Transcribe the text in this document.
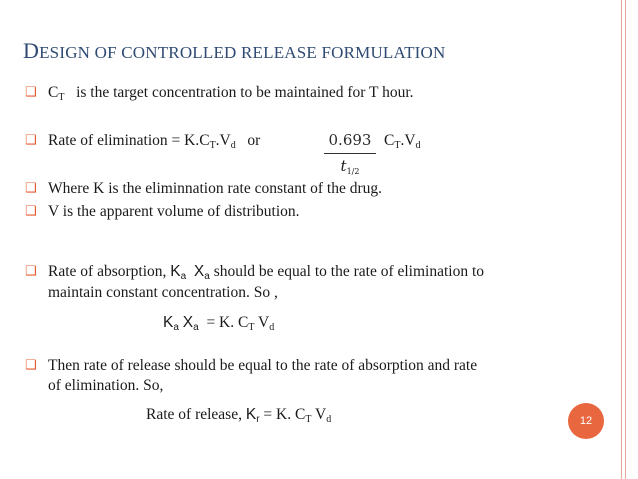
DESIGN OF CONTROLLED RELEASE FORMULATION
❑ $C_T$ is the target concentration to be maintained for T hour.
❑ Rate of elimination = $K.C_T.V_d$ or	0.693
$t_{1/2}$
$C_T.V_d$
❑ Where K is the eliminnation rate constant of the drug.
❑ V is the apparent volume of distribution.
❑ Rate of absorption, $K_a$ $X_a$ should be equal to the rate of elimination to
maintain constant concentration. So ,
$K_a$ $X_a = K$. $C_T$ $V_d$
❑ Then rate of release should be equal to the rate of absorption and rate
of elimination. So,
Rate of release, $K_r = K$. $C_T$ $V_d$	12
